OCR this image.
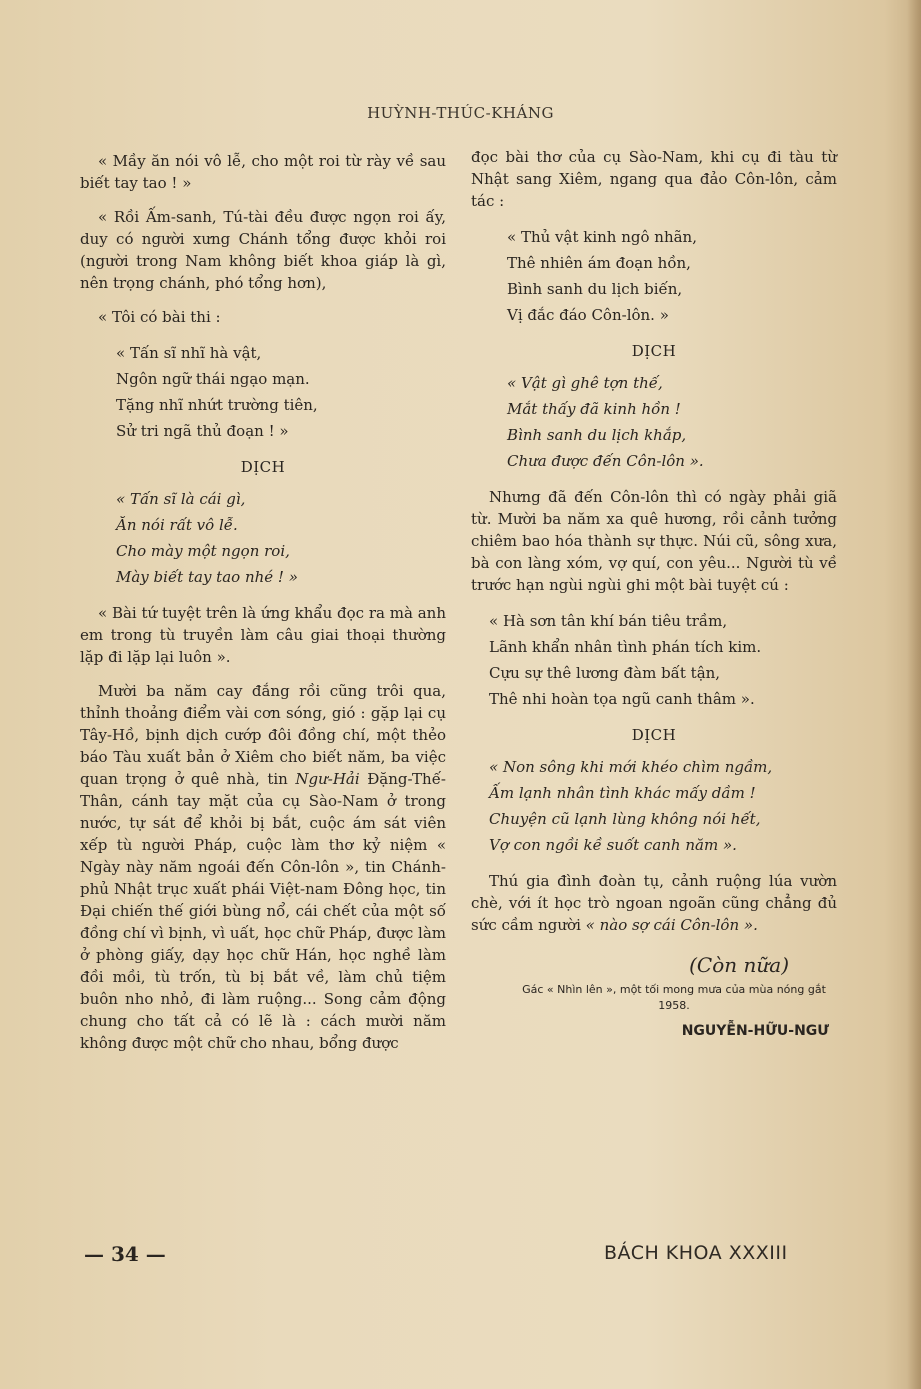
HUỲNH-THÚC-KHÁNG

« Mầy ăn nói vô lễ, cho một roi từ rày về sau biết tay tao ! »

« Rồi Ấm-sanh, Tú-tài đều được ngọn roi ấy, duy có người xưng Chánh tổng được khỏi roi (người trong Nam không biết khoa giáp là gì, nên trọng chánh, phó tổng hơn),

« Tôi có bài thi :

« Tấn sĩ nhĩ hà vật,
Ngôn ngữ thái ngạo mạn.
Tặng nhĩ nhứt trường tiên,
Sử tri ngã thủ đoạn ! »
DỊCH
« Tấn sĩ là cái gì,
Ăn nói rất vô lễ.
Cho mày một ngọn roi,
Mày biết tay tao nhé ! »

« Bài tứ tuyệt trên là ứng khẩu đọc ra mà anh em trong tù truyền làm câu giai thoại thường lặp đi lặp lại luôn ».

Mười ba năm cay đắng rồi cũng trôi qua, thỉnh thoảng điểm vài cơn sóng, gió : gặp lại cụ Tây-Hồ, bịnh dịch cướp đôi đồng chí, một thẻo báo Tàu xuất bản ở Xiêm cho biết năm, ba việc quan trọng ở quê nhà, tin Ngư-Hải Đặng-Thế-Thân, cánh tay mặt của cụ Sào-Nam ở trong nước, tự sát để khỏi bị bắt, cuộc ám sát viên xếp tù người Pháp, cuộc làm thơ kỷ niệm « Ngày này năm ngoái đến Côn-lôn », tin Chánh-phủ Nhật trục xuất phái Việt-nam Đông học, tin Đại chiến thế giới bùng nổ, cái chết của một số đồng chí vì bịnh, vì uất, học chữ Pháp, được làm ở phòng giấy, dạy học chữ Hán, học nghề làm đồi mồi, tù trốn, tù bị bắt về, làm chủ tiệm buôn nho nhỏ, đi làm ruộng... Song cảm động chung cho tất cả có lẽ là : cách mười năm không được một chữ cho nhau, bổng được

đọc bài thơ của cụ Sào-Nam, khi cụ đi tàu từ Nhật sang Xiêm, ngang qua đảo Côn-lôn, cảm tác :

« Thủ vật kinh ngô nhãn,
Thê nhiên ám đoạn hồn,
Bình sanh du lịch biến,
Vị đắc đáo Côn-lôn. »
DỊCH
« Vật gì ghê tợn thế,
Mắt thấy đã kinh hồn !
Bình sanh du lịch khắp,
Chưa được đến Côn-lôn ».

Nhưng đã đến Côn-lôn thì có ngày phải giã từ. Mười ba năm xa quê hương, rồi cảnh tưởng chiêm bao hóa thành sự thực. Núi cũ, sông xưa, bà con làng xóm, vợ quí, con yêu... Người tù về trước hạn ngùi ngùi ghi một bài tuyệt cú :

« Hà sơn tân khí bán tiêu trầm,
Lãnh khẩn nhân tình phán tích kim.
Cựu sự thê lương đàm bất tận,
Thê nhi hoàn tọa ngũ canh thâm ».
DỊCH
« Non sông khi mới khéo chìm ngầm,
Ấm lạnh nhân tình khác mấy dầm !
Chuyện cũ lạnh lùng không nói hết,
Vợ con ngồi kề suốt canh năm ».

Thú gia đình đoàn tụ, cảnh ruộng lúa vườn chè, với ít học trò ngoan ngoãn cũng chẳng đủ sức cầm người « nào sợ cái Côn-lôn ».

(Còn nữa)
Gác « Nhìn lên », một tối mong mưa của mùa nóng gắt 1958.
NGUYỄN-HỮU-NGƯ
— 34 —	BÁCH KHOA XXXIII
